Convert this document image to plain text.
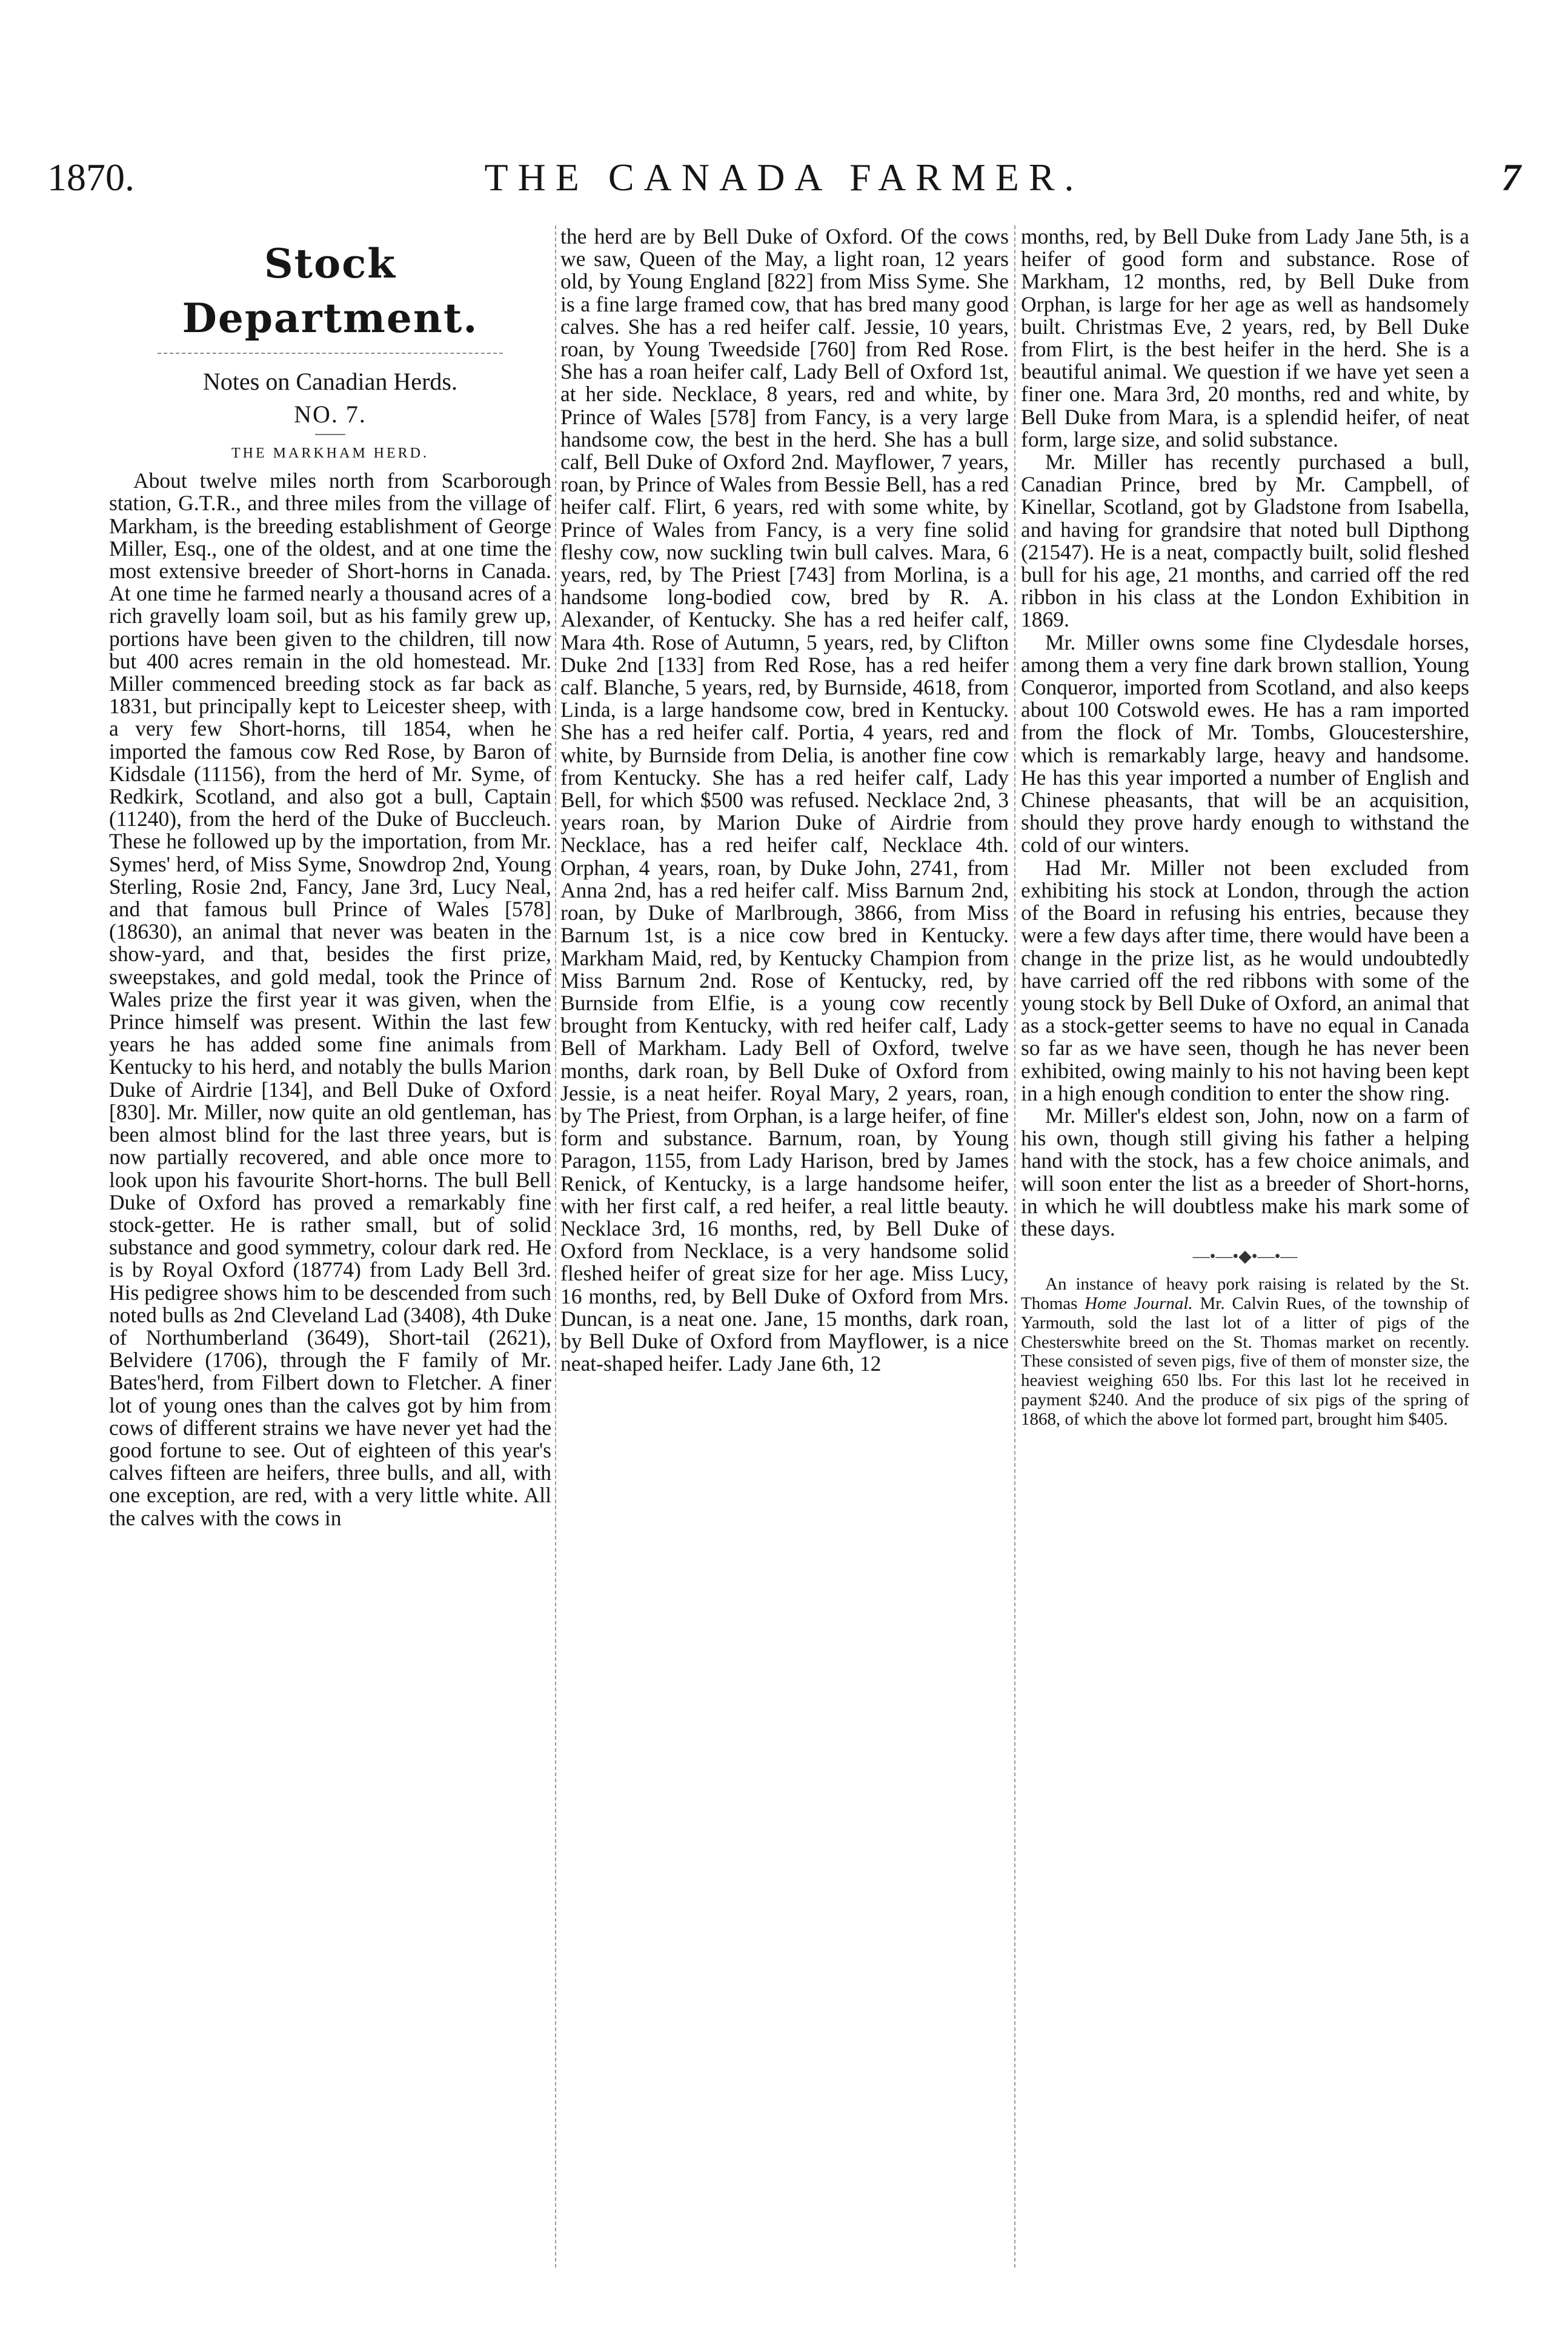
1870.	THE CANADA FARMER.	7
Stock Department.
Notes on Canadian Herds.
NO. 7.
THE MARKHAM HERD.

About twelve miles north from Scarborough station, G.T.R., and three miles from the village of Markham, is the breeding establishment of George Miller, Esq., one of the oldest, and at one time the most extensive breeder of Short-horns in Canada. At one time he farmed nearly a thousand acres of a rich gravelly loam soil, but as his family grew up, portions have been given to the children, till now but 400 acres remain in the old homestead. Mr. Miller commenced breeding stock as far back as 1831, but principally kept to Leicester sheep, with a very few Short-horns, till 1854, when he imported the famous cow Red Rose, by Baron of Kidsdale (11156), from the herd of Mr. Syme, of Redkirk, Scotland, and also got a bull, Captain (11240), from the herd of the Duke of Buccleuch. These he followed up by the importation, from Mr. Symes' herd, of Miss Syme, Snowdrop 2nd, Young Sterling, Rosie 2nd, Fancy, Jane 3rd, Lucy Neal, and that famous bull Prince of Wales [578] (18630), an animal that never was beaten in the show-yard, and that, besides the first prize, sweepstakes, and gold medal, took the Prince of Wales prize the first year it was given, when the Prince himself was present. Within the last few years he has added some fine animals from Kentucky to his herd, and notably the bulls Marion Duke of Airdrie [134], and Bell Duke of Oxford [830]. Mr. Miller, now quite an old gentleman, has been almost blind for the last three years, but is now partially recovered, and able once more to look upon his favourite Short-horns. The bull Bell Duke of Oxford has proved a remarkably fine stock-getter. He is rather small, but of solid substance and good symmetry, colour dark red. He is by Royal Oxford (18774) from Lady Bell 3rd. His pedigree shows him to be descended from such noted bulls as 2nd Cleveland Lad (3408), 4th Duke of Northumberland (3649), Short-tail (2621), Belvidere (1706), through the F family of Mr. Bates'herd, from Filbert down to Fletcher. A finer lot of young ones than the calves got by him from cows of different strains we have never yet had the good fortune to see. Out of eighteen of this year's calves fifteen are heifers, three bulls, and all, with one exception, are red, with a very little white. All the calves with the cows in

the herd are by Bell Duke of Oxford. Of the cows we saw, Queen of the May, a light roan, 12 years old, by Young England [822] from Miss Syme. She is a fine large framed cow, that has bred many good calves. She has a red heifer calf. Jessie, 10 years, roan, by Young Tweedside [760] from Red Rose. She has a roan heifer calf, Lady Bell of Oxford 1st, at her side. Necklace, 8 years, red and white, by Prince of Wales [578] from Fancy, is a very large handsome cow, the best in the herd. She has a bull calf, Bell Duke of Oxford 2nd. Mayflower, 7 years, roan, by Prince of Wales from Bessie Bell, has a red heifer calf. Flirt, 6 years, red with some white, by Prince of Wales from Fancy, is a very fine solid fleshy cow, now suckling twin bull calves. Mara, 6 years, red, by The Priest [743] from Morlina, is a handsome long-bodied cow, bred by R. A. Alexander, of Kentucky. She has a red heifer calf, Mara 4th. Rose of Autumn, 5 years, red, by Clifton Duke 2nd [133] from Red Rose, has a red heifer calf. Blanche, 5 years, red, by Burnside, 4618, from Linda, is a large handsome cow, bred in Kentucky. She has a red heifer calf. Portia, 4 years, red and white, by Burnside from Delia, is another fine cow from Kentucky. She has a red heifer calf, Lady Bell, for which $500 was refused. Necklace 2nd, 3 years roan, by Marion Duke of Airdrie from Necklace, has a red heifer calf, Necklace 4th. Orphan, 4 years, roan, by Duke John, 2741, from Anna 2nd, has a red heifer calf. Miss Barnum 2nd, roan, by Duke of Marlbrough, 3866, from Miss Barnum 1st, is a nice cow bred in Kentucky. Markham Maid, red, by Kentucky Champion from Miss Barnum 2nd. Rose of Kentucky, red, by Burnside from Elfie, is a young cow recently brought from Kentucky, with red heifer calf, Lady Bell of Markham. Lady Bell of Oxford, twelve months, dark roan, by Bell Duke of Oxford from Jessie, is a neat heifer. Royal Mary, 2 years, roan, by The Priest, from Orphan, is a large heifer, of fine form and substance. Barnum, roan, by Young Paragon, 1155, from Lady Harison, bred by James Renick, of Kentucky, is a large handsome heifer, with her first calf, a red heifer, a real little beauty. Necklace 3rd, 16 months, red, by Bell Duke of Oxford from Necklace, is a very handsome solid fleshed heifer of great size for her age. Miss Lucy, 16 months, red, by Bell Duke of Oxford from Mrs. Duncan, is a neat one. Jane, 15 months, dark roan, by Bell Duke of Oxford from Mayflower, is a nice neat-shaped heifer. Lady Jane 6th, 12

months, red, by Bell Duke from Lady Jane 5th, is a heifer of good form and substance. Rose of Markham, 12 months, red, by Bell Duke from Orphan, is large for her age as well as handsomely built. Christmas Eve, 2 years, red, by Bell Duke from Flirt, is the best heifer in the herd. She is a beautiful animal. We question if we have yet seen a finer one. Mara 3rd, 20 months, red and white, by Bell Duke from Mara, is a splendid heifer, of neat form, large size, and solid substance.

Mr. Miller has recently purchased a bull, Canadian Prince, bred by Mr. Campbell, of Kinellar, Scotland, got by Gladstone from Isabella, and having for grandsire that noted bull Dipthong (21547). He is a neat, compactly built, solid fleshed bull for his age, 21 months, and carried off the red ribbon in his class at the London Exhibition in 1869.

Mr. Miller owns some fine Clydesdale horses, among them a very fine dark brown stallion, Young Conqueror, imported from Scotland, and also keeps about 100 Cotswold ewes. He has a ram imported from the flock of Mr. Tombs, Gloucestershire, which is remarkably large, heavy and handsome. He has this year imported a number of English and Chinese pheasants, that will be an acquisition, should they prove hardy enough to withstand the cold of our winters.

Had Mr. Miller not been excluded from exhibiting his stock at London, through the action of the Board in refusing his entries, because they were a few days after time, there would have been a change in the prize list, as he would undoubtedly have carried off the red ribbons with some of the young stock by Bell Duke of Oxford, an animal that as a stock-getter seems to have no equal in Canada so far as we have seen, though he has never been exhibited, owing mainly to his not having been kept in a high enough condition to enter the show ring.

Mr. Miller's eldest son, John, now on a farm of his own, though still giving his father a helping hand with the stock, has a few choice animals, and will soon enter the list as a breeder of Short-horns, in which he will doubtless make his mark some of these days.

—•—•◆•—•—

An instance of heavy pork raising is related by the St. Thomas Home Journal. Mr. Calvin Rues, of the township of Yarmouth, sold the last lot of a litter of pigs of the Chesterswhite breed on the St. Thomas market on recently. These consisted of seven pigs, five of them of monster size, the heaviest weighing 650 lbs. For this last lot he received in payment $240. And the produce of six pigs of the spring of 1868, of which the above lot formed part, brought him $405.
